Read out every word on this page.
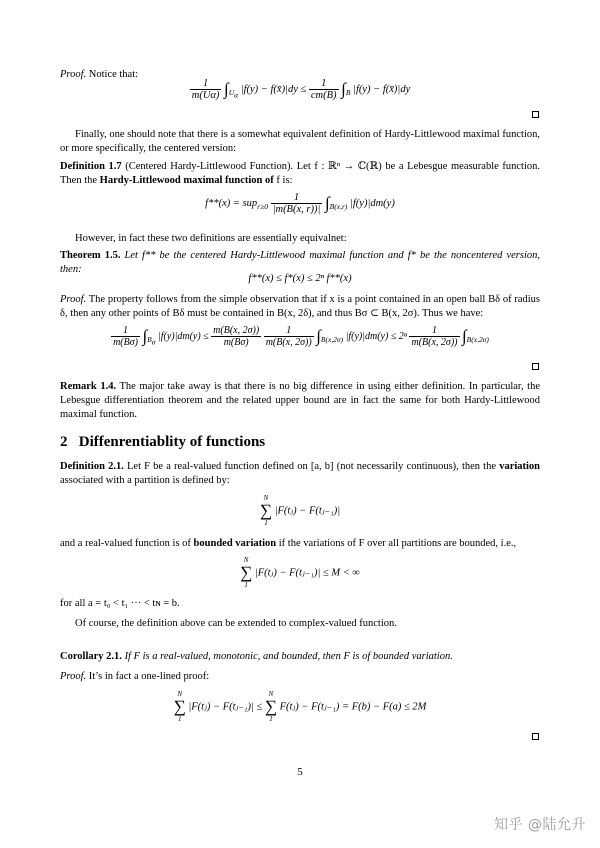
Proof. Notice that:
$\frac{1}{m(U\alpha)} \int_{U_\alpha}$ |f(y) − f(x̄)|dy ≤ $\frac{1}{cm(B)} \int_B$ |f(y) − f(x̄)|dy
Finally, one should note that there is a somewhat equivalent definition of Hardy-Littlewood maximal function, or more specifically, the centered version:
Definition 1.7 (Centered Hardy-Littlewood Function). Let f : ℝⁿ → ℂ(ℝ) be a Lebesgue measurable function. Then the Hardy-Littlewood maximal function of f is:
$f**(x) = sup_{r\ge 0} \frac{1}{|m(B(x, r))|} \int_{B(x,r)}$ |f(y)|dm(y)
However, in fact these two definitions are essentially equivalnet:
Theorem 1.5. Let f** be the centered Hardy-Littlewood maximal function and f* be the noncentered version, then:
f**(x) ≤ f*(x) ≤ 2ⁿ f**(x)
Proof. The property follows from the simple observation that if x is a point contained in an open ball Bδ of radius δ, then any other points of Bδ must be contained in B(x, 2δ), and thus Bσ ⊂ B(x, 2σ). Thus we have:
$\frac{1}{m(B\sigma)} \int_{B_\sigma}$ $|f(y)|dm(y) \le \frac{m(B(x, 2\sigma))}{m(B\sigma)}$
$\frac{1}{m(B(x, 2\sigma))} \int_{B(x,2\sigma)}$ $|f(y)|dm(y) \le 2^n \frac{1}{m(B(x, 2\sigma))} \int_{B(x,2\sigma)}$
Remark 1.4. The major take away is that there is no big difference in using either definition. In particular, the Lebesgue differentiation theorem and the related upper bound are in fact the same for both Hardy-Littlewood maximal function.
2 Diffenrentiablity of functions
Definition 2.1. Let F be a real-valued function defined on [a, b] (not necessarily continuous), then the variation associated with a partition is defined by:
N
∑
1
|F(tⱼ) − F(tⱼ₋₁)|
and a real-valued function is of bounded variation if the variations of F over all partitions are bounded, i.e.,
N
∑
1
|F(tⱼ) − F(tⱼ₋₁)| ≤ M < ∞
for all a = t₀ < t₁ ··· < tɴ = b.
Of course, the definition above can be extended to complex-valued function.
Corollary 2.1. If F is a real-valued, monotonic, and bounded, then F is of bounded variation.
Proof. It’s in fact a one-lined proof:
N
∑
1
|F(tⱼ) − F(tⱼ₋₁)| ≤
N
∑
1
F(tⱼ) − F(tⱼ₋₁) = F(b) − F(a) ≤ 2M
5
知乎 @陆允升
